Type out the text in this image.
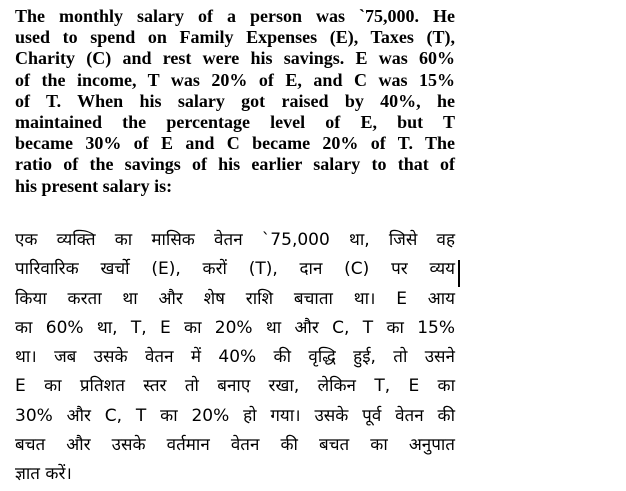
The monthly salary of a person was `75,000. He
used to spend on Family Expenses (E), Taxes (T),
Charity (C) and rest were his savings. E was 60%
of the income, T was 20% of E, and C was 15%
of T. When his salary got raised by 40%, he
maintained the percentage level of E, but T
became 30% of E and C became 20% of T. The
ratio of the savings of his earlier salary to that of
his present salary is:
एक व्यक्ति का मासिक वेतन `75,000 था, जिसे वह
पारिवारिक खर्चो (E), करों (T), दान (C) पर व्यय
किया करता था और शेष राशि बचाता था। E आय
का 60% था, T, E का 20% था और C, T का 15%
था। जब उसके वेतन में 40% की वृद्धि हुई, तो उसने
E का प्रतिशत स्तर तो बनाए रखा, लेकिन T, E का
30% और C, T का 20% हो गया। उसके पूर्व वेतन की
बचत और उसके वर्तमान वेतन की बचत का अनुपात
ज्ञात करें।
